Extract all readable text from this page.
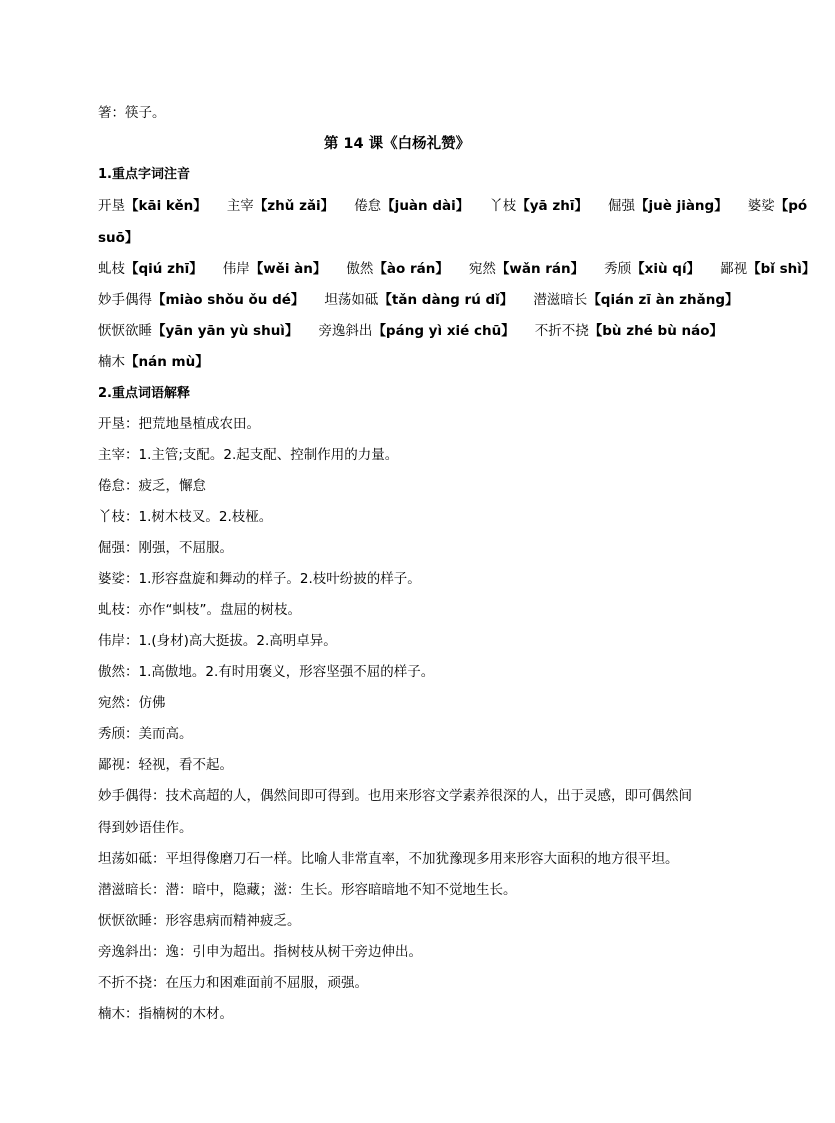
箸：筷子。
第 14 课《白杨礼赞》
1.重点字词注音
开垦【kāi kěn】 主宰【zhǔ zǎi】 倦怠【juàn dài】 丫枝【yā zhī】 倔强【juè jiàng】 婆娑【pó
suō】
虬枝【qiú zhī】 伟岸【wěi àn】 傲然【ào rán】 宛然【wǎn rán】 秀颀【xiù qí】 鄙视【bǐ shì】
妙手偶得【miào shǒu ǒu dé】 坦荡如砥【tǎn dàng rú dǐ】 潜滋暗长【qián zī àn zhǎng】
恹恹欲睡【yān yān yù shuì】 旁逸斜出【páng yì xié chū】 不折不挠【bù zhé bù náo】
楠木【nán mù】
2.重点词语解释
开垦：把荒地垦植成农田。
主宰：1.主管;支配。2.起支配、控制作用的力量。
倦怠：疲乏，懈怠
丫枝：1.树木枝叉。2.枝桠。
倔强：刚强，不屈服。
婆娑：1.形容盘旋和舞动的样子。2.枝叶纷披的样子。
虬枝：亦作“虯枝”。盘屈的树枝。
伟岸：1.(身材)高大挺拔。2.高明卓异。
傲然：1.高傲地。2.有时用褒义，形容坚强不屈的样子。
宛然：仿佛
秀颀：美而高。
鄙视：轻视，看不起。
妙手偶得：技术高超的人，偶然间即可得到。也用来形容文学素养很深的人，出于灵感，即可偶然间
得到妙语佳作。
坦荡如砥：平坦得像磨刀石一样。比喻人非常直率，不加犹豫现多用来形容大面积的地方很平坦。
潜滋暗长：潜：暗中，隐藏；滋：生长。形容暗暗地不知不觉地生长。
恹恹欲睡：形容患病而精神疲乏。
旁逸斜出：逸：引申为超出。指树枝从树干旁边伸出。
不折不挠：在压力和困难面前不屈服，顽强。
楠木：指楠树的木材。
